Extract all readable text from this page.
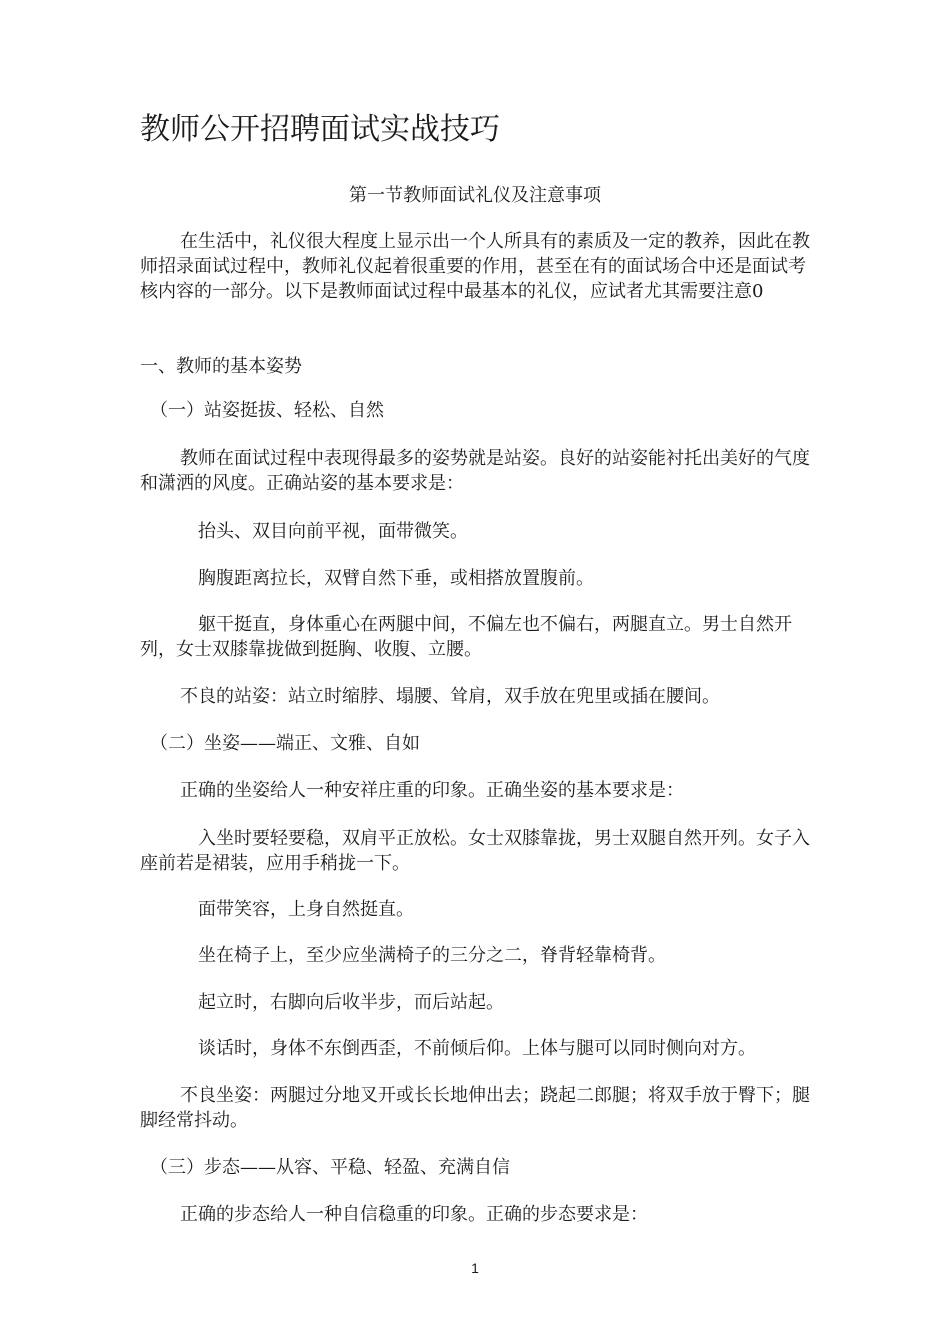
教师公开招聘面试实战技巧
第一节教师面试礼仪及注意事项

在生活中，礼仪很大程度上显示出一个人所具有的素质及一定的教养，因此在教师招录面试过程中，教师礼仪起着很重要的作用，甚至在有的面试场合中还是面试考核内容的一部分。以下是教师面试过程中最基本的礼仪，应试者尤其需要注意0

一、教师的基本姿势

（一）站姿挺拔、轻松、自然

教师在面试过程中表现得最多的姿势就是站姿。良好的站姿能衬托出美好的气度和潇洒的风度。正确站姿的基本要求是：

抬头、双目向前平视，面带微笑。

胸腹距离拉长，双臂自然下垂，或相搭放置腹前。

躯干挺直，身体重心在两腿中间，不偏左也不偏右，两腿直立。男士自然开列，女士双膝靠拢做到挺胸、收腹、立腰。

不良的站姿：站立时缩脖、塌腰、耸肩，双手放在兜里或插在腰间。

（二）坐姿——端正、文雅、自如

正确的坐姿给人一种安祥庄重的印象。正确坐姿的基本要求是：

入坐时要轻要稳，双肩平正放松。女士双膝靠拢，男士双腿自然开列。女子入座前若是裙装，应用手稍拢一下。

面带笑容，上身自然挺直。

坐在椅子上，至少应坐满椅子的三分之二，脊背轻靠椅背。

起立时，右脚向后收半步，而后站起。

谈话时，身体不东倒西歪，不前倾后仰。上体与腿可以同时侧向对方。

不良坐姿：两腿过分地叉开或长长地伸出去；跷起二郎腿；将双手放于臀下；腿脚经常抖动。

（三）步态——从容、平稳、轻盈、充满自信

正确的步态给人一种自信稳重的印象。正确的步态要求是：

1
